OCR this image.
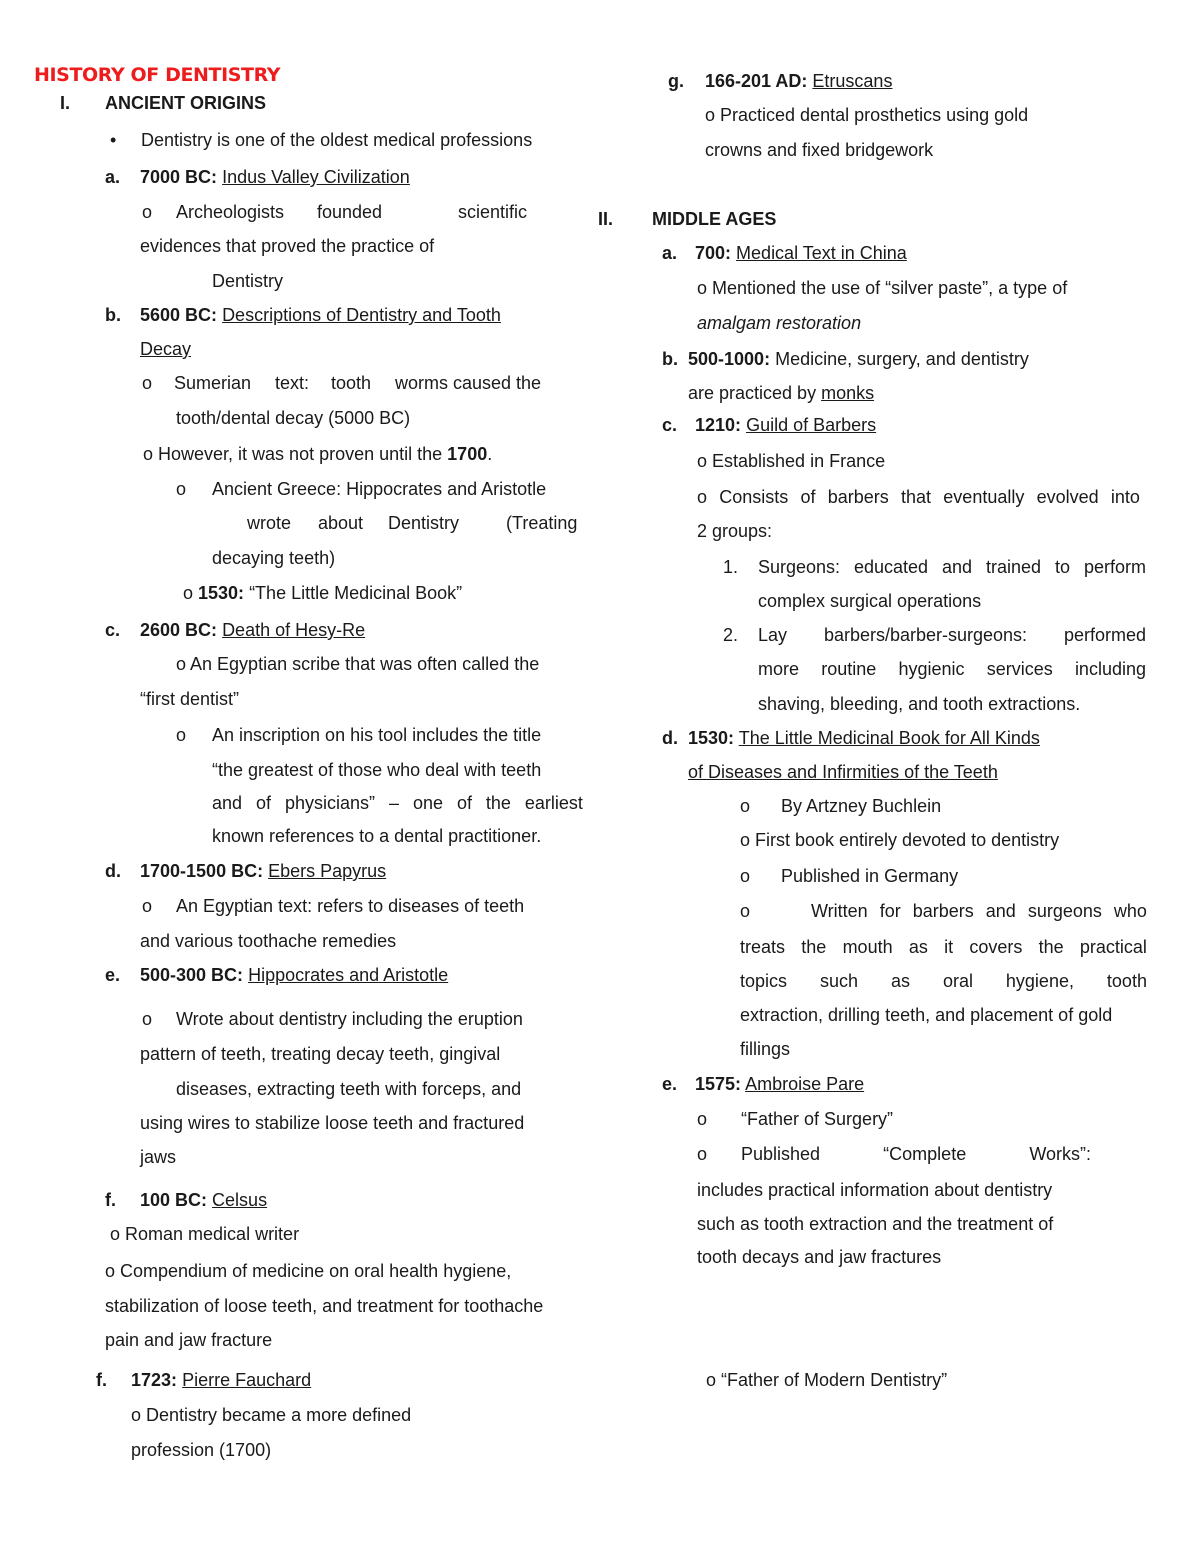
HISTORY OF DENTISTRY
I. ANCIENT ORIGINS
• Dentistry is one of the oldest medical professions
a. 7000 BC: Indus Valley Civilization
o Archeologists founded	scientific
evidences that proved the practice of
Dentistry
b. 5600 BC: Descriptions of Dentistry and Tooth
Decay
o Sumerian text: tooth worms caused the
tooth/dental decay (5000 BC)
o However, it was not proven until the 1700.
o Ancient Greece: Hippocrates and Aristotle
wrote about Dentistry	(Treating
decaying teeth)
o 1530: “The Little Medicinal Book”
c. 2600 BC: Death of Hesy-Re
o An Egyptian scribe that was often called the
“first dentist”
o An inscription on his tool includes the title
“the greatest of those who deal with teeth
and of physicians” – one of the earliest
known references to a dental practitioner.
d. 1700-1500 BC: Ebers Papyrus
o An Egyptian text: refers to diseases of teeth
and various toothache remedies
e. 500-300 BC: Hippocrates and Aristotle
o Wrote about dentistry including the eruption
pattern of teeth, treating decay teeth, gingival
diseases, extracting teeth with forceps, and
using wires to stabilize loose teeth and fractured
jaws
f. 100 BC: Celsus
o Roman medical writer
o Compendium of medicine on oral health hygiene,
stabilization of loose teeth, and treatment for toothache
pain and jaw fracture
f. 1723: Pierre Fauchard
o Dentistry became a more defined
profession (1700)
g. 166-201 AD: Etruscans
o Practiced dental prosthetics using gold
crowns and fixed bridgework
II. MIDDLE AGES
a. 700: Medical Text in China
o Mentioned the use of “silver paste”, a type of
amalgam restoration
b. 500-1000: Medicine, surgery, and dentistry
are practiced by monks
c. 1210: Guild of Barbers
o Established in France
o Consists of barbers that eventually evolved into
2 groups:
1. Surgeons: educated and trained to perform
complex surgical operations
2. Lay barbers/barber-surgeons: performed
more routine hygienic services including
shaving, bleeding, and tooth extractions.
d. 1530: The Little Medicinal Book for All Kinds
of Diseases and Infirmities of the Teeth
o By Artzney Buchlein
o First book entirely devoted to dentistry
o Published in Germany
o	Written for barbers and surgeons who
treats the mouth as it covers the practical
topics such as oral hygiene, tooth
extraction, drilling teeth, and placement of gold
fillings
e. 1575: Ambroise Pare
o “Father of Surgery”
o Published	“Complete	Works”:
includes practical information about dentistry
such as tooth extraction and the treatment of
tooth decays and jaw fractures
o “Father of Modern Dentistry”
